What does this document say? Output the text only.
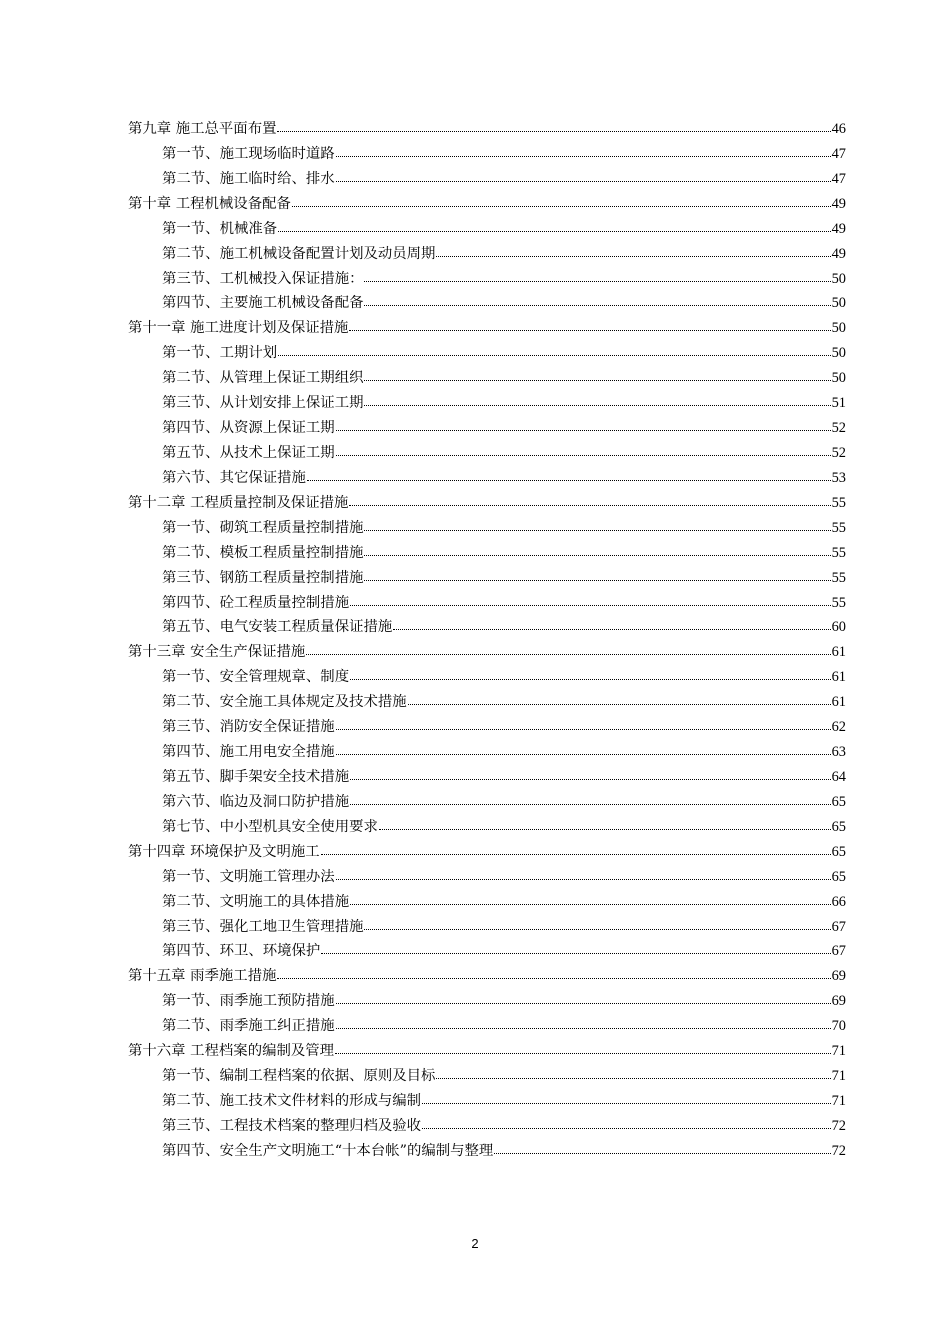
第九章 施工总平面布置	46
第一节、施工现场临时道路	47
第二节、施工临时给、排水	47
第十章 工程机械设备配备	49
第一节、机械准备	49
第二节、施工机械设备配置计划及动员周期	49
第三节、工机械投入保证措施：	50
第四节、主要施工机械设备配备	50
第十一章 施工进度计划及保证措施	50
第一节、工期计划	50
第二节、从管理上保证工期组织	50
第三节、从计划安排上保证工期	51
第四节、从资源上保证工期	52
第五节、从技术上保证工期	52
第六节、其它保证措施	53
第十二章 工程质量控制及保证措施	55
第一节、砌筑工程质量控制措施	55
第二节、模板工程质量控制措施	55
第三节、钢筋工程质量控制措施	55
第四节、砼工程质量控制措施	55
第五节、电气安装工程质量保证措施	60
第十三章 安全生产保证措施	61
第一节、安全管理规章、制度	61
第二节、安全施工具体规定及技术措施	61
第三节、消防安全保证措施	62
第四节、施工用电安全措施	63
第五节、脚手架安全技术措施	64
第六节、临边及洞口防护措施	65
第七节、中小型机具安全使用要求	65
第十四章 环境保护及文明施工	65
第一节、文明施工管理办法	65
第二节、文明施工的具体措施	66
第三节、强化工地卫生管理措施	67
第四节、环卫、环境保护	67
第十五章 雨季施工措施	69
第一节、雨季施工预防措施	69
第二节、雨季施工纠正措施	70
第十六章 工程档案的编制及管理	71
第一节、编制工程档案的依据、原则及目标	71
第二节、施工技术文件材料的形成与编制	71
第三节、工程技术档案的整理归档及验收	72
第四节、安全生产文明施工“十本台帐”的编制与整理	72
2
